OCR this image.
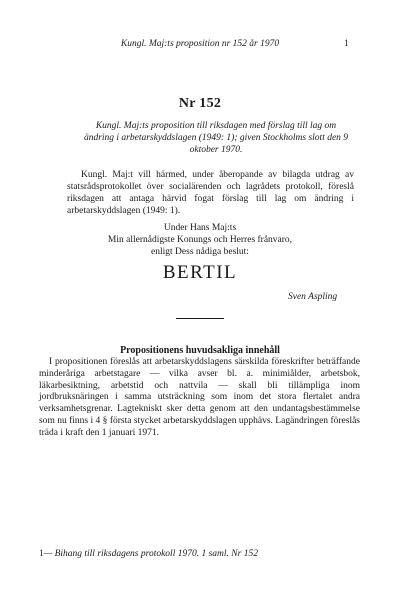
Kungl. Maj:ts proposition nr 152 år 1970	1
Nr 152
Kungl. Maj:ts proposition till riksdagen med förslag till lag om ändring i arbetarskyddslagen (1949: 1); given Stockholms slott den 9 oktober 1970.
Kungl. Maj:t vill härmed, under åberopande av bilagda utdrag av statsrådsprotokollet över socialärenden och lagrådets protokoll, föreslå riksdagen att antaga härvid fogat förslag till lag om ändring i arbetarskyddslagen (1949: 1).
Under Hans Maj:ts
Min allernådigste Konungs och Herres frånvaro,
enligt Dess nådiga beslut:
BERTIL
Sven Aspling
Propositionens huvudsakliga innehåll
I propositionen föreslås att arbetarskyddslagens särskilda föreskrifter beträffande minderåriga arbetstagare — vilka avser bl. a. minimiålder, arbetsbok, läkarbesiktning, arbetstid och nattvila — skall bli tillämpliga inom jordbruksnäringen i samma utsträckning som inom det stora flertalet andra verksamhetsgrenar. Lagtekniskt sker detta genom att den undantagsbestämmelse som nu finns i 4 § första stycket arbetarskyddslagen upphävs. Lagändringen föreslås träda i kraft den 1 januari 1971.
1— Bihang till riksdagens protokoll 1970. 1 saml. Nr 152
